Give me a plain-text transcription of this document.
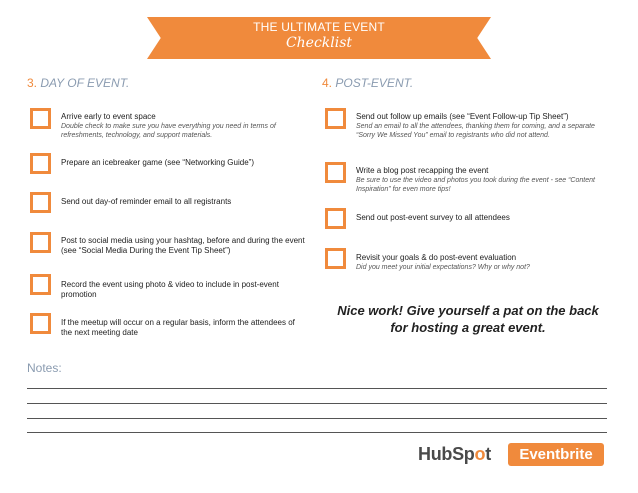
THE ULTIMATE EVENT
Checklist
3. DAY OF EVENT.	4. POST-EVENT.
Arrive early to event space
Double check to make sure you have everything you need in terms of refreshments, technology, and support materials.
Prepare an icebreaker game (see “Networking Guide”)
Send out day-of reminder email to all registrants
Post to social media using your hashtag, before and during the event (see “Social Media During the Event Tip Sheet”)
Record the event using photo & video to include in post-event promotion
If the meetup will occur on a regular basis, inform the attendees of the next meeting date
Send out follow up emails (see “Event Follow-up Tip Sheet”)
Send an email to all the attendees, thanking them for coming, and a separate “Sorry We Missed You” email to registrants who did not attend.
Write a blog post recapping the event
Be sure to use the video and photos you took during the event - see “Content Inspiration” for even more tips!
Send out post-event survey to all attendees
Revisit your goals & do post-event evaluation
Did you meet your initial expectations? Why or why not?
Nice work! Give yourself a pat on the back for hosting a great event.
Notes:
HubSpot	Eventbrite
